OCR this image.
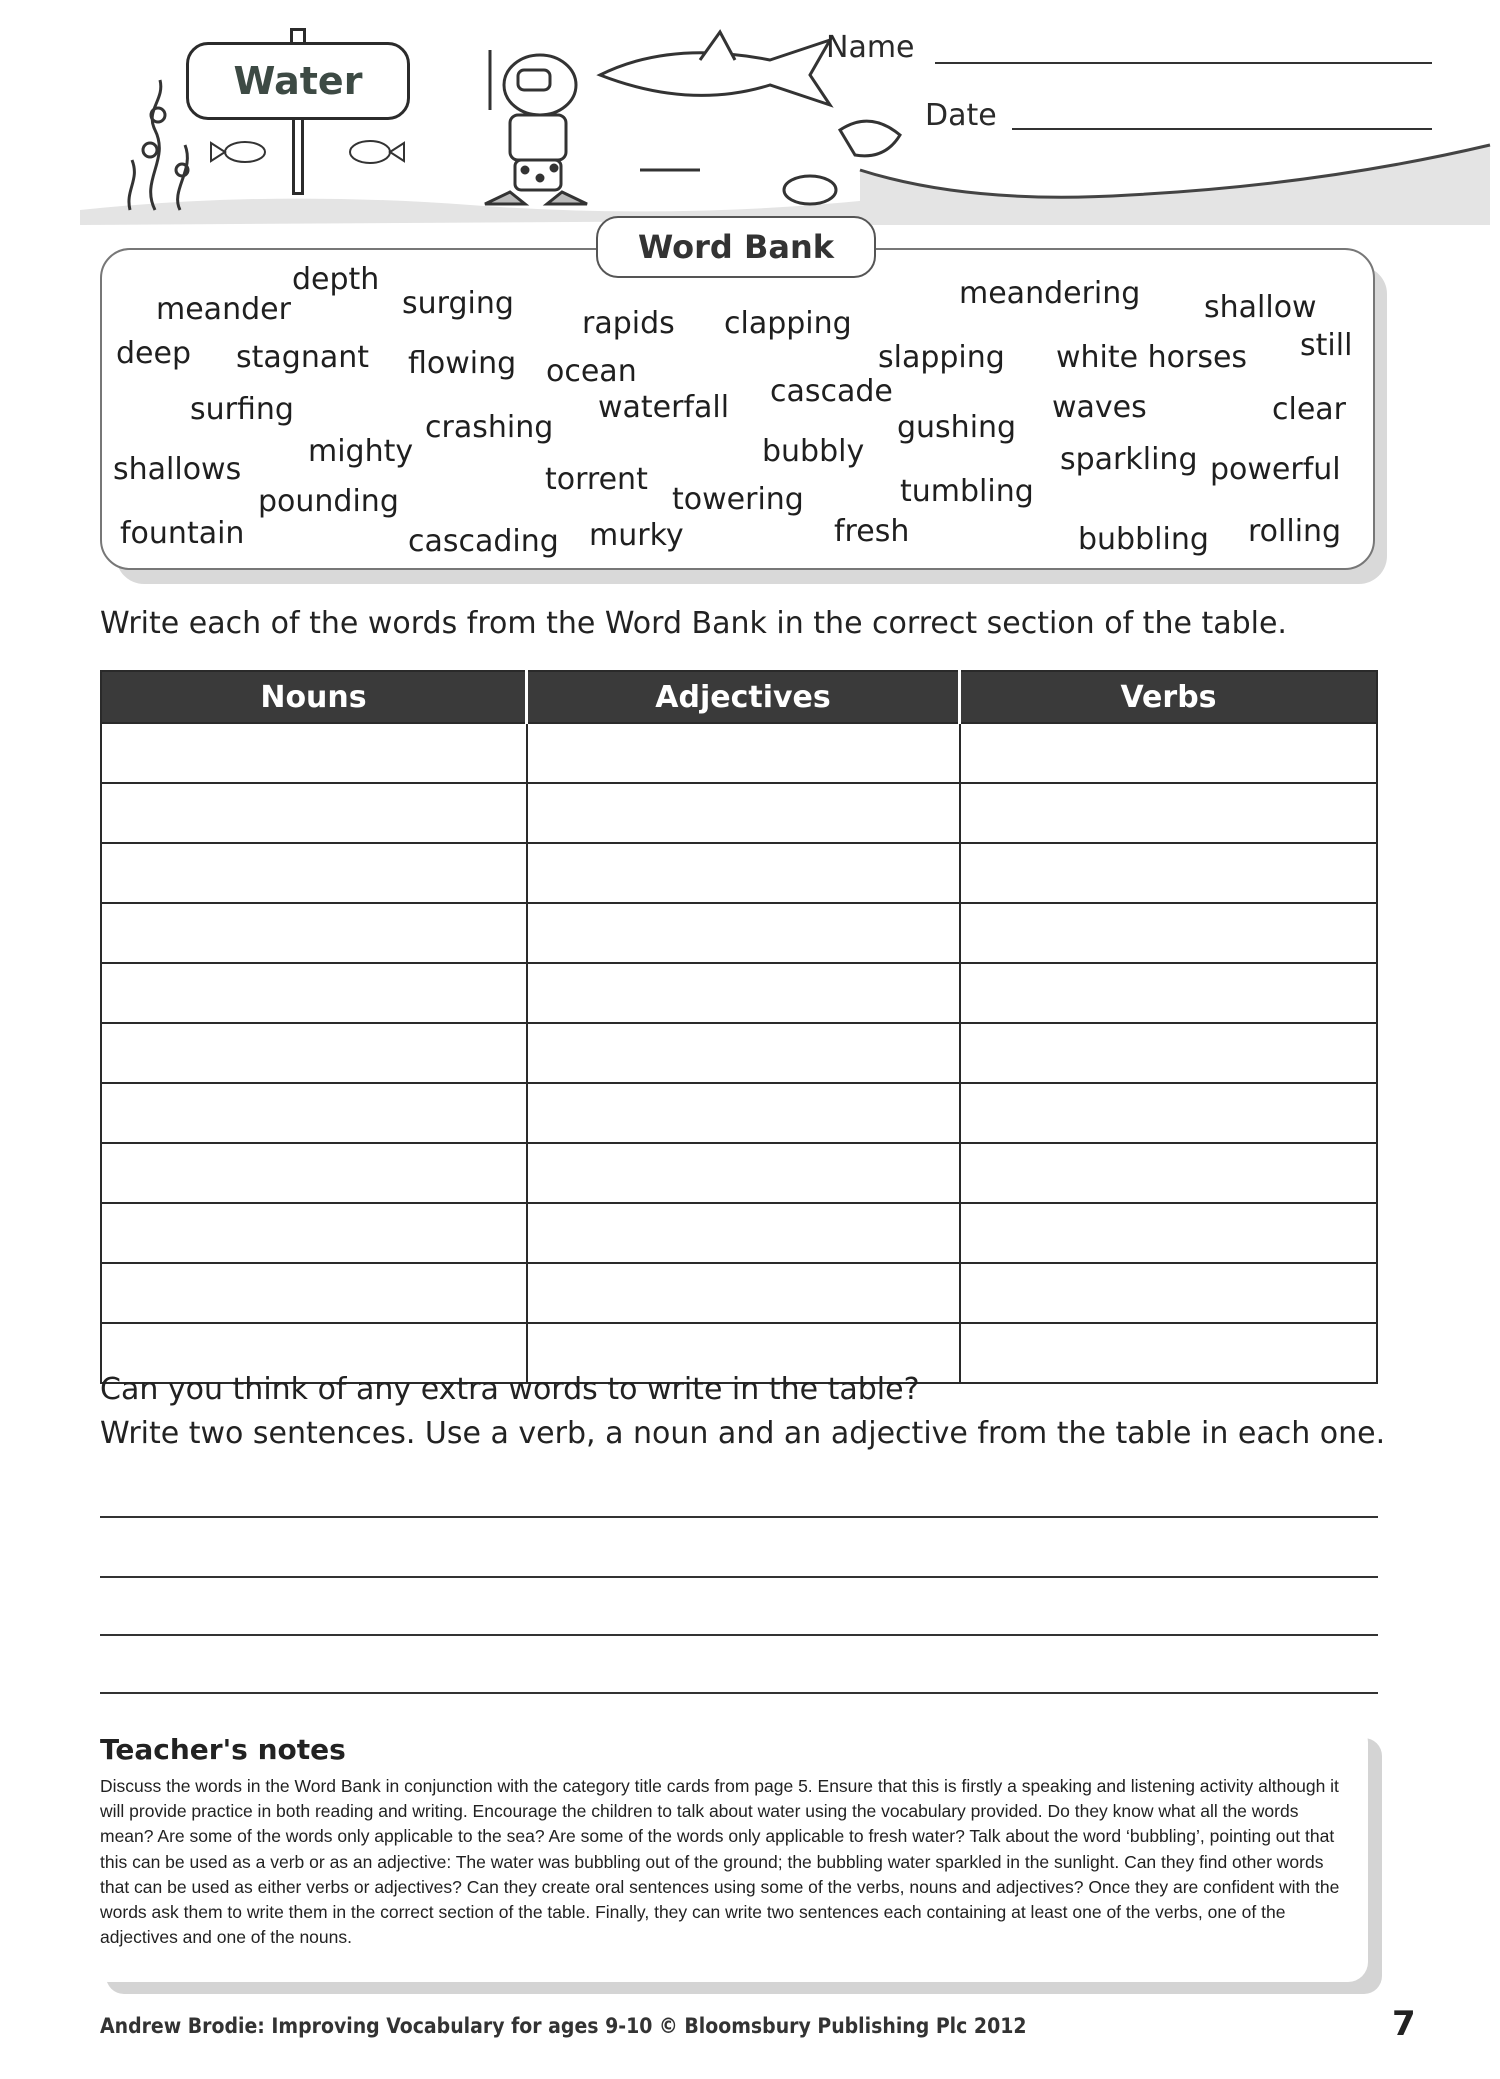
Water
Name
Date
Word Bank
depth
meander	surging
rapids clapping
meandering shallow
deep stagnant flowing ocean	slapping white horses still
surfing
crashing
waterfall cascade
gushing
waves	clear
shallows
mighty	bubbly	sparkling powerful
torrent
pounding	towering	tumbling
fountain	cascading murky	fresh	bubbling rolling
Write each of the words from the Word Bank in the correct section of the table.
Nouns	Adjectives	Verbs

Can you think of any extra words to write in the table?
Write two sentences. Use a verb, a noun and an adjective from the table in each one.
Teacher's notes
Discuss the words in the Word Bank in conjunction with the category title cards from page 5. Ensure that this is firstly a speaking and listening activity although it will provide practice in both reading and writing. Encourage the children to talk about water using the vocabulary provided. Do they know what all the words mean? Are some of the words only applicable to the sea? Are some of the words only applicable to fresh water? Talk about the word ‘bubbling’, pointing out that this can be used as a verb or as an adjective: The water was bubbling out of the ground; the bubbling water sparkled in the sunlight. Can they find other words that can be used as either verbs or adjectives? Can they create oral sentences using some of the verbs, nouns and adjectives? Once they are confident with the words ask them to write them in the correct section of the table. Finally, they can write two sentences each containing at least one of the verbs, one of the adjectives and one of the nouns.
Andrew Brodie: Improving Vocabulary for ages 9-10 © Bloomsbury Publishing Plc 2012	7
